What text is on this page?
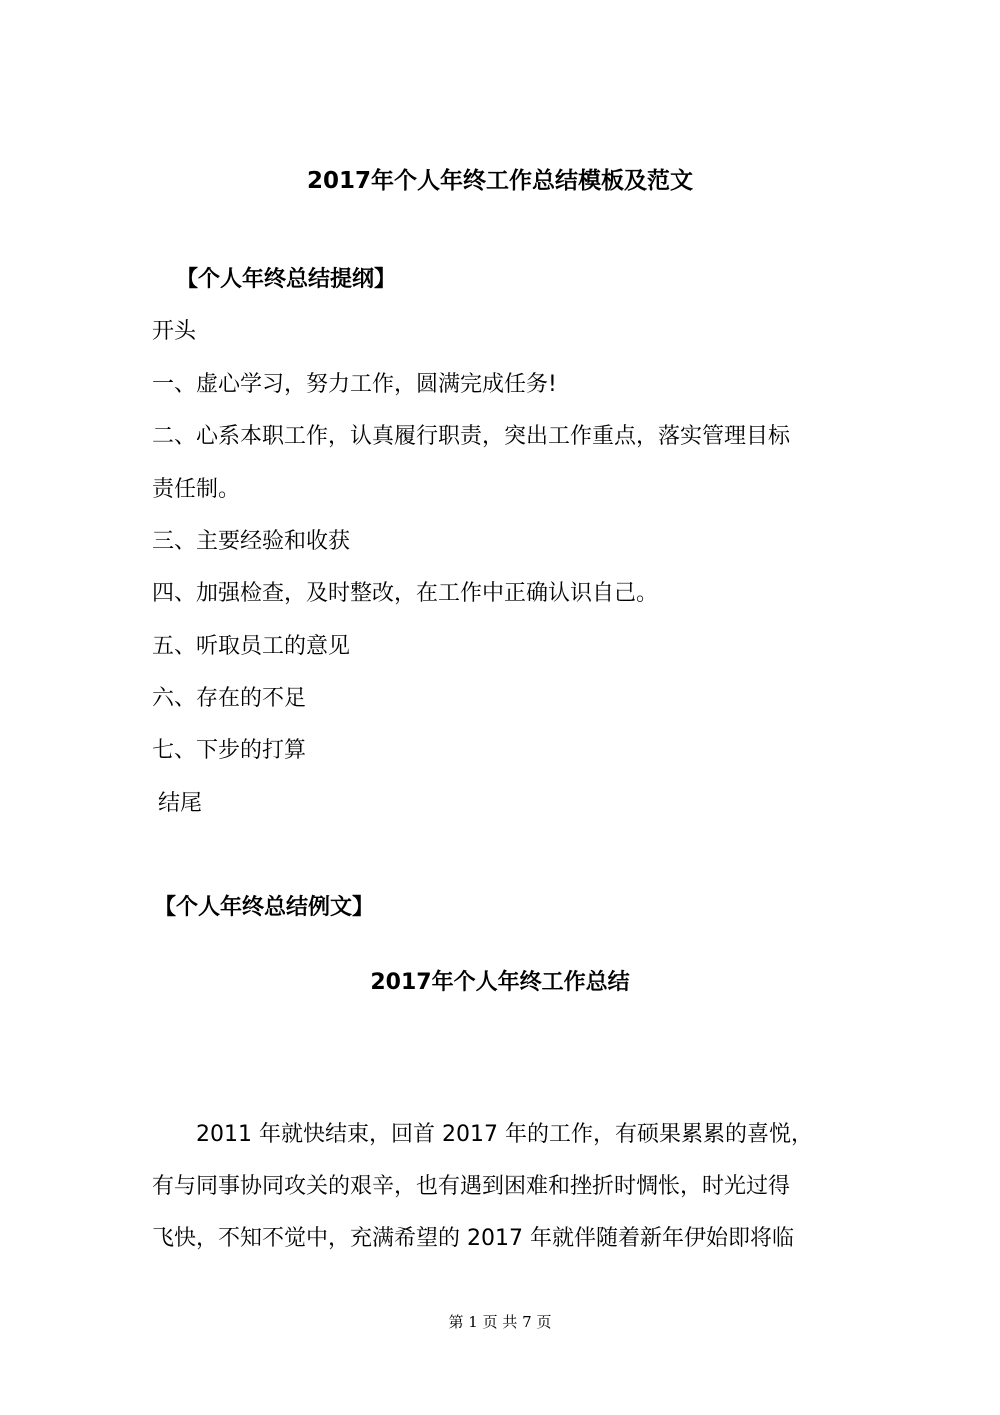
2017年个人年终工作总结模板及范文
【个人年终总结提纲】
开头
一、虚心学习，努力工作，圆满完成任务!
二、心系本职工作，认真履行职责，突出工作重点，落实管理目标
责任制。
三、主要经验和收获
四、加强检查，及时整改，在工作中正确认识自己。
五、听取员工的意见
六、存在的不足
七、下步的打算
结尾
【个人年终总结例文】
2017年个人年终工作总结
2011 年就快结束，回首 2017 年的工作，有硕果累累的喜悦，
有与同事协同攻关的艰辛，也有遇到困难和挫折时惆怅，时光过得
飞快，不知不觉中，充满希望的 2017 年就伴随着新年伊始即将临
第 1 页 共 7 页
